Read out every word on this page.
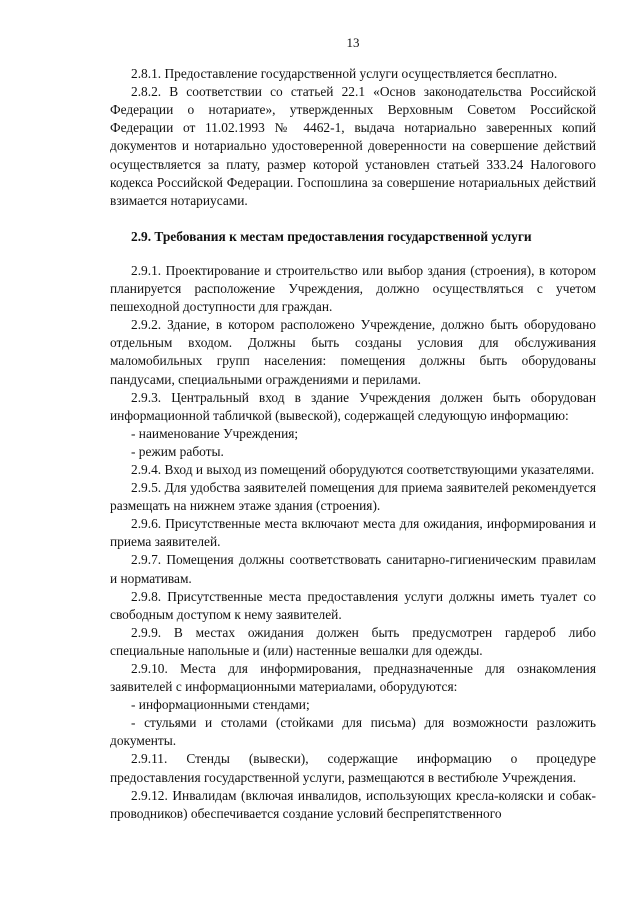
13

2.8.1. Предоставление государственной услуги осуществляется бесплатно.

2.8.2. В соответствии со статьей 22.1 «Основ законодательства Российской Федерации о нотариате», утвержденных Верховным Советом Российской Федерации от 11.02.1993 № 4462-1, выдача нотариально заверенных копий документов и нотариально удостоверенной доверенности на совершение действий осуществляется за плату, размер которой установлен статьей 333.24 Налогового кодекса Российской Федерации. Госпошлина за совершение нотариальных действий взимается нотариусами.

2.9. Требования к местам предоставления государственной услуги

2.9.1. Проектирование и строительство или выбор здания (строения), в котором планируется расположение Учреждения, должно осуществляться с учетом пешеходной доступности для граждан.

2.9.2. Здание, в котором расположено Учреждение, должно быть оборудовано отдельным входом. Должны быть созданы условия для обслуживания маломобильных групп населения: помещения должны быть оборудованы пандусами, специальными ограждениями и перилами.

2.9.3. Центральный вход в здание Учреждения должен быть оборудован информационной табличкой (вывеской), содержащей следующую информацию:

- наименование Учреждения;

- режим работы.

2.9.4. Вход и выход из помещений оборудуются соответствующими указателями.

2.9.5. Для удобства заявителей помещения для приема заявителей рекомендуется размещать на нижнем этаже здания (строения).

2.9.6. Присутственные места включают места для ожидания, информирования и приема заявителей.

2.9.7. Помещения должны соответствовать санитарно-гигиеническим правилам и нормативам.

2.9.8. Присутственные места предоставления услуги должны иметь туалет со свободным доступом к нему заявителей.

2.9.9. В местах ожидания должен быть предусмотрен гардероб либо специальные напольные и (или) настенные вешалки для одежды.

2.9.10. Места для информирования, предназначенные для ознакомления заявителей с информационными материалами, оборудуются:

- информационными стендами;

- стульями и столами (стойками для письма) для возможности разложить документы.

2.9.11. Стенды (вывески), содержащие информацию о процедуре предоставления государственной услуги, размещаются в вестибюле Учреждения.

2.9.12. Инвалидам (включая инвалидов, использующих кресла-коляски и собак-проводников) обеспечивается создание условий беспрепятственного
